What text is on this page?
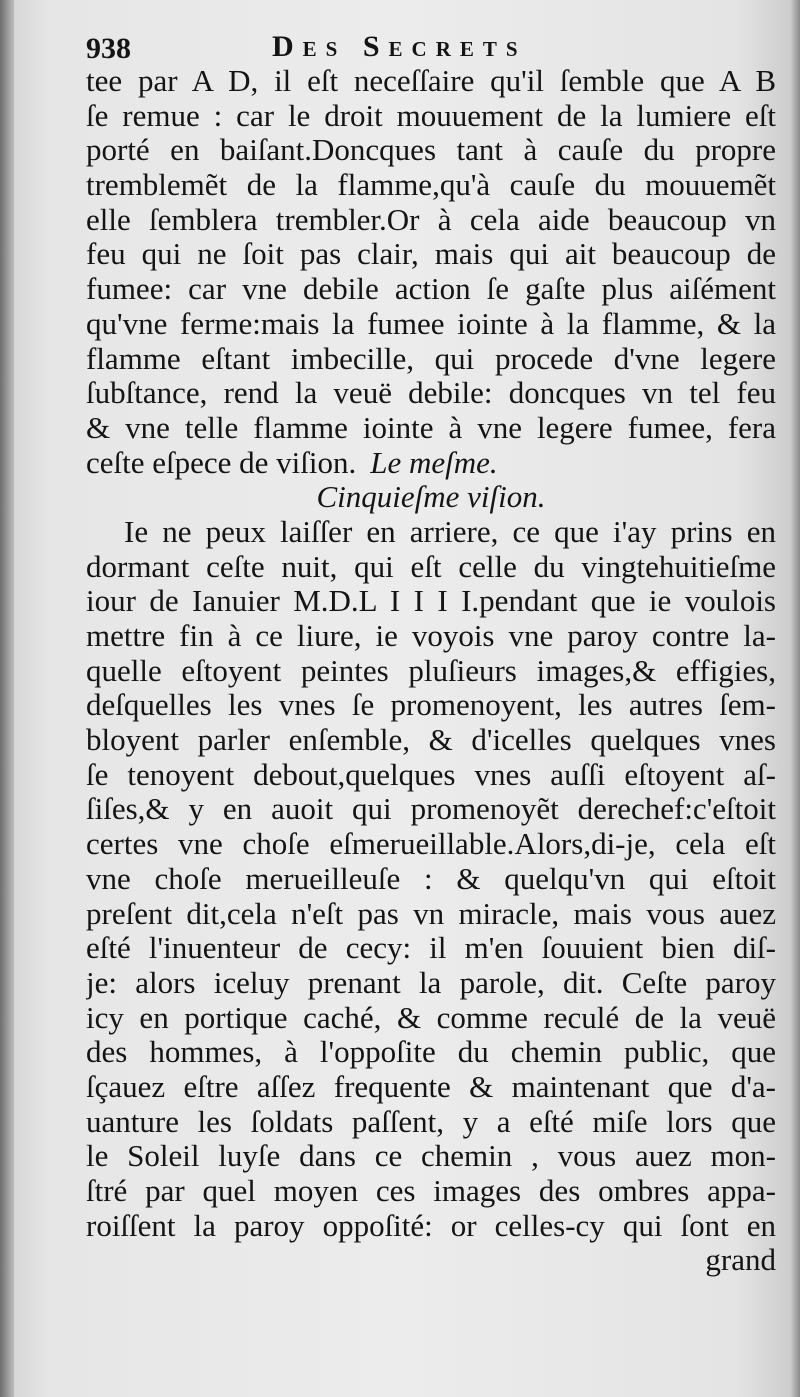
938	Des Secrets
tee par A D, il eſt neceſſaire qu'il ſemble que A B
ſe remue : car le droit mouuement de la lumiere eſt
porté en baiſant.Doncques tant à cauſe du propre
tremblemẽt de la flamme,qu'à cauſe du mouuemẽt
elle ſemblera trembler.Or à cela aide beaucoup vn
feu qui ne ſoit pas clair, mais qui ait beaucoup de
fumee: car vne debile action ſe gaſte plus aiſément
qu'vne ferme:mais la fumee iointe à la flamme, & la
flamme eſtant imbecille, qui procede d'vne legere
ſubſtance, rend la veuë debile: doncques vn tel feu
& vne telle flamme iointe à vne legere fumee, fera
ceſte eſpece de viſion. Le meſme.
Cinquieſme viſion.
Ie ne peux laiſſer en arriere, ce que i'ay prins en
dormant ceſte nuit, qui eſt celle du vingtehuitieſme
iour de Ianuier M.D.L I I I I.pendant que ie voulois
mettre fin à ce liure, ie voyois vne paroy contre la-
quelle eſtoyent peintes pluſieurs images,& effigies,
deſquelles les vnes ſe promenoyent, les autres ſem-
bloyent parler enſemble, & d'icelles quelques vnes
ſe tenoyent debout,quelques vnes auſſi eſtoyent aſ-
ſiſes,& y en auoit qui promenoyẽt derechef:c'eſtoit
certes vne choſe eſmerueillable.Alors,di-je, cela eſt
vne choſe merueilleuſe : & quelqu'vn qui eſtoit
preſent dit,cela n'eſt pas vn miracle, mais vous auez
eſté l'inuenteur de cecy: il m'en ſouuient bien diſ-
je: alors iceluy prenant la parole, dit. Ceſte paroy
icy en portique caché, & comme reculé de la veuë
des hommes, à l'oppoſite du chemin public, que
ſçauez eſtre aſſez frequente & maintenant que d'a-
uanture les ſoldats paſſent, y a eſté miſe lors que
le Soleil luyſe dans ce chemin , vous auez mon-
ſtré par quel moyen ces images des ombres appa-
roiſſent la paroy oppoſité: or celles-cy qui ſont en
grand
